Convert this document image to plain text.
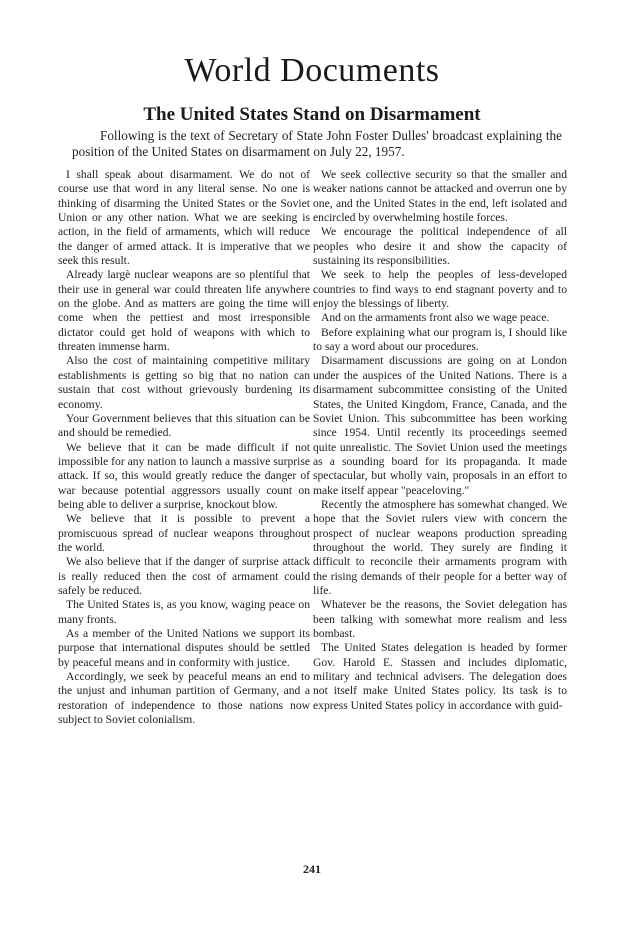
World Documents
The United States Stand on Disarmament
Following is the text of Secretary of State John Foster Dulles' broadcast explaining the position of the United States on disarmament on July 22, 1957.

I shall speak about disarmament. We do not of course use that word in any literal sense. No one is thinking of disarming the United States or the Soviet Union or any other nation. What we are seeking is action, in the field of armaments, which will reduce the danger of armed attack. It is imperative that we seek this result.

Already largè nuclear weapons are so plentiful that their use in general war could threaten life anywhere on the globe. And as matters are going the time will come when the pettiest and most irresponsible dictator could get hold of weapons with which to threaten immense harm.

Also the cost of maintaining competitive military establishments is getting so big that no nation can sustain that cost without grievously burdening its economy.

Your Government believes that this situation can be and should be remedied.

We believe that it can be made difficult if not impossible for any nation to launch a massive surprise attack. If so, this would greatly reduce the danger of war because potential aggressors usually count on being able to deliver a surprise, knockout blow.

We believe that it is possible to prevent a promiscuous spread of nuclear weapons throughout the world.

We also believe that if the danger of surprise attack is really reduced then the cost of armament could safely be reduced.

The United States is, as you know, waging peace on many fronts.

As a member of the United Nations we support its purpose that international disputes should be settled by peaceful means and in conformity with justice.

Accordingly, we seek by peaceful means an end to the unjust and inhuman partition of Germany, and a restoration of independence to those nations now subject to Soviet colonialism.

We seek collective security so that the smaller and weaker nations cannot be attacked and overrun one by one, and the United States in the end, left isolated and encircled by overwhelming hostile forces.

We encourage the political independence of all peoples who desire it and show the capacity of sustaining its responsibilities.

We seek to help the peoples of less-developed countries to find ways to end stagnant poverty and to enjoy the blessings of liberty.

And on the armaments front also we wage peace.

Before explaining what our program is, I should like to say a word about our procedures.

Disarmament discussions are going on at London under the auspices of the United Nations. There is a disarmament subcommittee consisting of the United States, the United Kingdom, France, Canada, and the Soviet Union. This subcommittee has been working since 1954. Until recently its proceedings seemed quite unrealistic. The Soviet Union used the meetings as a sounding board for its propaganda. It made spectacular, but wholly vain, proposals in an effort to make itself appear "peaceloving."

Recently the atmosphere has somewhat changed. We hope that the Soviet rulers view with concern the prospect of nuclear weapons production spreading throughout the world. They surely are finding it difficult to reconcile their armaments program with the rising demands of their people for a better way of life.

Whatever be the reasons, the Soviet delegation has been talking with somewhat more realism and less bombast.

The United States delegation is headed by former Gov. Harold E. Stassen and includes diplomatic, military and technical advisers. The delegation does not itself make United States policy. Its task is to express United States policy in accordance with guid-

241
